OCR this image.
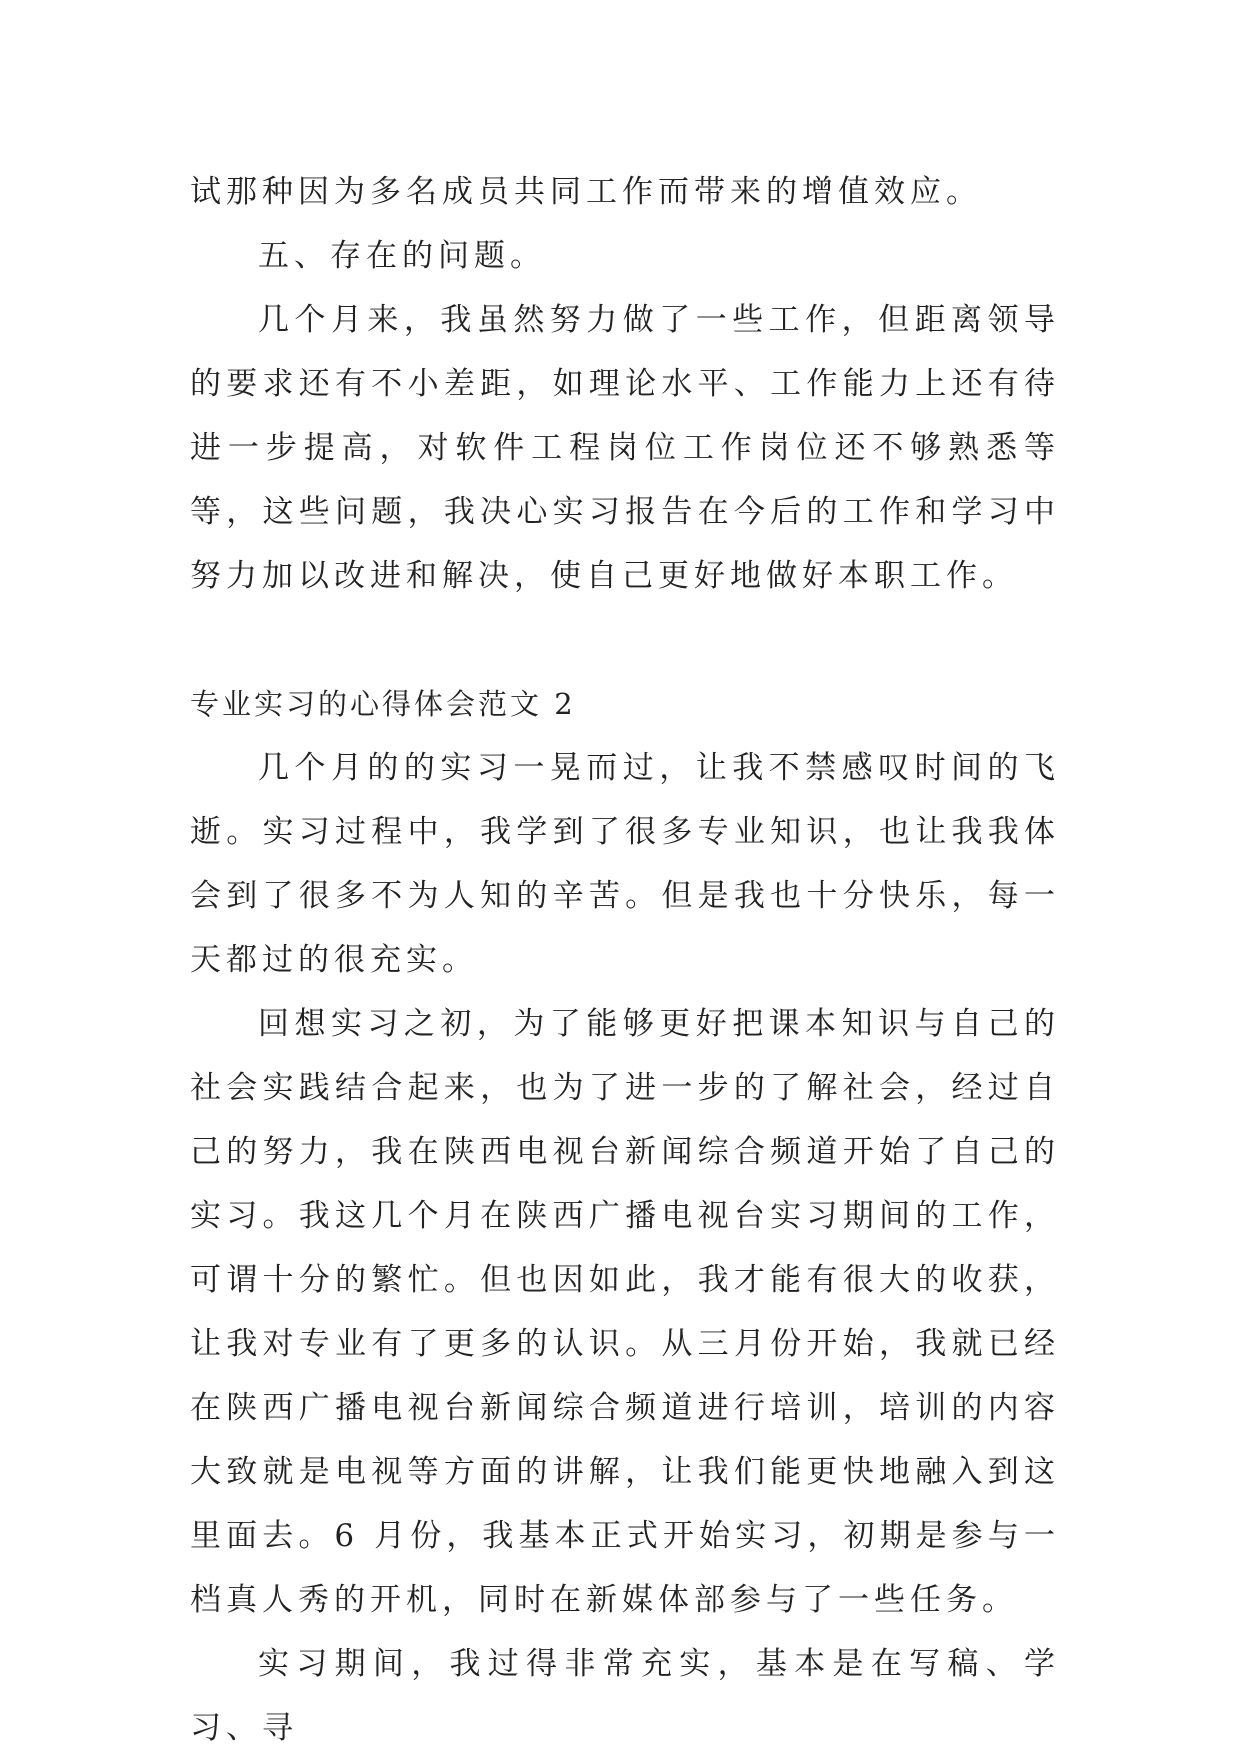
试那种因为多名成员共同工作而带来的增值效应。

五、存在的问题。

几个月来，我虽然努力做了一些工作，但距离领导的要求还有不小差距，如理论水平、工作能力上还有待进一步提高，对软件工程岗位工作岗位还不够熟悉等等，这些问题，我决心实习报告在今后的工作和学习中努力加以改进和解决，使自己更好地做好本职工作。

专业实习的心得体会范文 2

几个月的的实习一晃而过，让我不禁感叹时间的飞逝。实习过程中，我学到了很多专业知识，也让我我体会到了很多不为人知的辛苦。但是我也十分快乐，每一天都过的很充实。

回想实习之初，为了能够更好把课本知识与自己的社会实践结合起来，也为了进一步的了解社会，经过自己的努力，我在陕西电视台新闻综合频道开始了自己的实习。我这几个月在陕西广播电视台实习期间的工作，可谓十分的繁忙。但也因如此，我才能有很大的收获，让我对专业有了更多的认识。从三月份开始，我就已经在陕西广播电视台新闻综合频道进行培训，培训的内容大致就是电视等方面的讲解，让我们能更快地融入到这里面去。6 月份，我基本正式开始实习，初期是参与一档真人秀的开机，同时在新媒体部参与了一些任务。

实习期间，我过得非常充实，基本是在写稿、学习、寻
